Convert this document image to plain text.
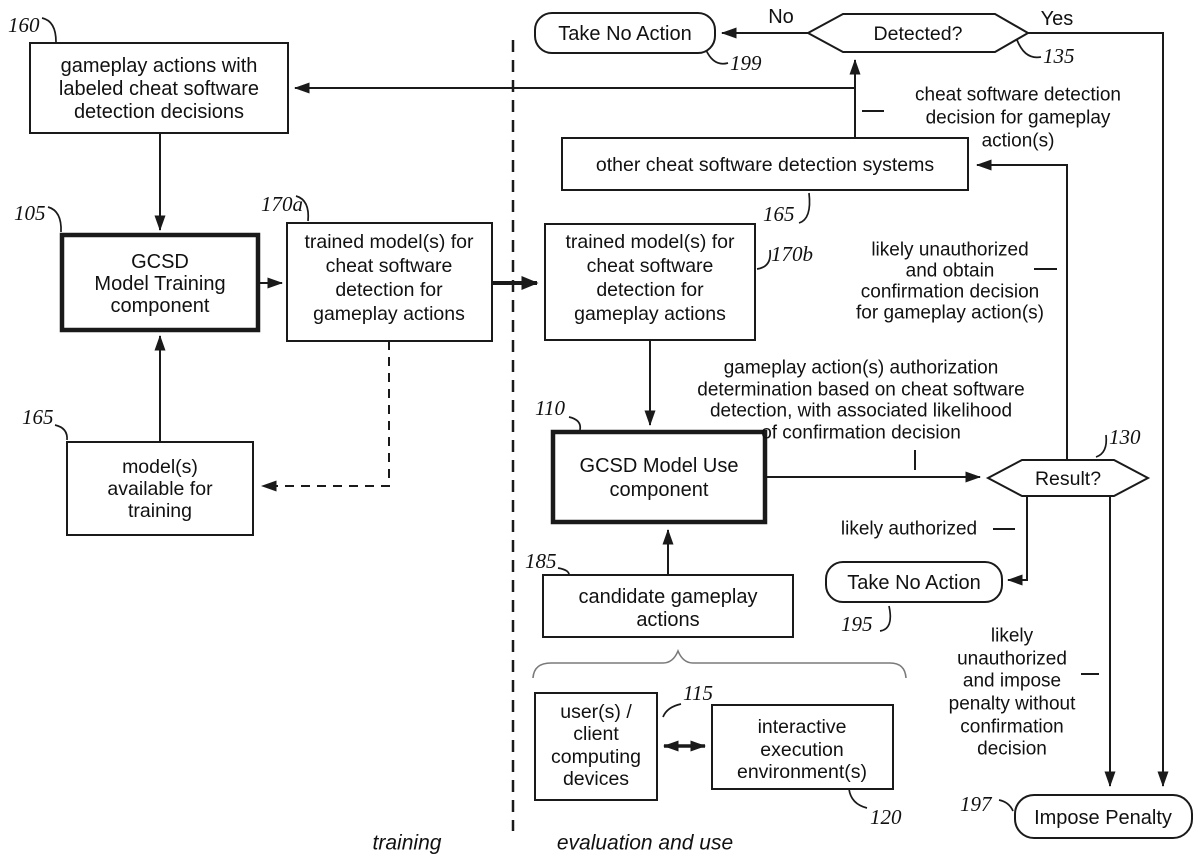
gameplay actions with
labeled cheat software
detection decisions
GCSD
Model Training
component
trained model(s) for
cheat software
detection for
gameplay actions
trained model(s) for
cheat software
detection for
gameplay actions
other cheat software detection systems
model(s)
available for
training
GCSD Model Use
component
candidate gameplay
actions
user(s) /
client
computing
devices
interactive
execution
environment(s)
Take No Action
Take No Action
Impose Penalty
Detected?
Result?
No	Yes
cheat software detection
decision for gameplay
action(s)
likely unauthorized
and obtain
confirmation decision
for gameplay action(s)
gameplay action(s) authorization
determination based on cheat software
detection, with associated likelihood
of confirmation decision
likely authorized
likely
unauthorized
and impose
penalty without
confirmation
decision
160
105	170a
165
165
170b
110
185
115
120
130
135
199
195
197
training	evaluation and use
